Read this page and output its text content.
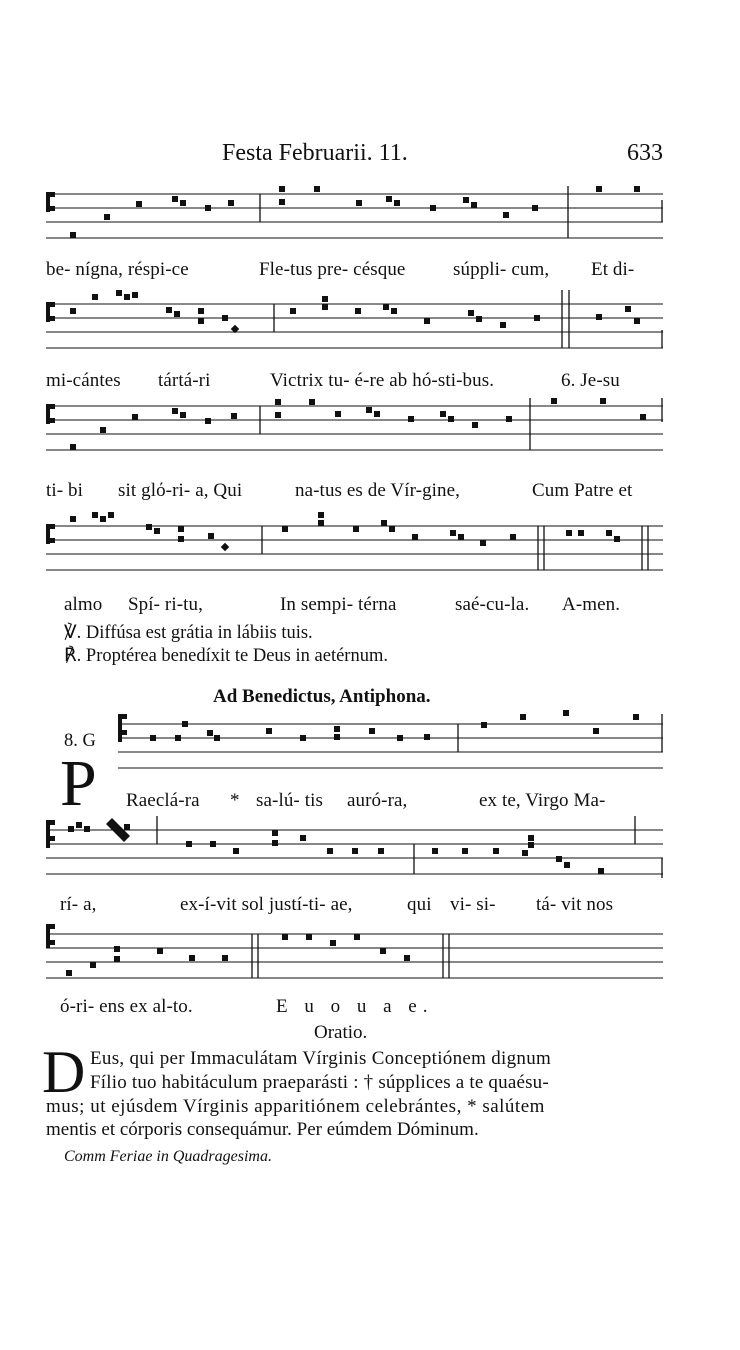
Festa Februarii. 11.	633
be- nígna, réspi-ce	Fle-tus pre- césque	súppli- cum, Et di-
mi-cántes tártá-ri	Victrix tu- é-re ab hó-sti-bus.	6. Je-su
ti- bi sit glό-ri- a, Qui	na-tus es de Vír-gine,	Cum Patre et
almo Spí- ri-tu,	In sempi- térna	saé-cu-la. A-men.
℣. Diffúsa est grátia in lábiis tuis.
℟. Proptérea benedíxit te Deus in aetérnum.
Ad Benedictus, Antiphona.
8. G
P Raeclá-ra * sa-lú- tis auró-ra,	ex te, Virgo Ma-
rí- a,	ex-í-vit sol justí-ti- ae,	qui vi- si- tá- vit nos
ó-ri- ens ex al-to.	E u o u a e.
Oratio.
D Eus, qui per Immaculátam Vírginis Conceptiónem dignum
Fílio tuo habitáculum praeparásti : † súpplices a te quaésu-
mus; ut ejúsdem Vírginis apparitiónem celebrántes, * salútem
mentis et córporis consequámur. Per eúmdem Dóminum.
Comm Feriae in Quadragesima.
